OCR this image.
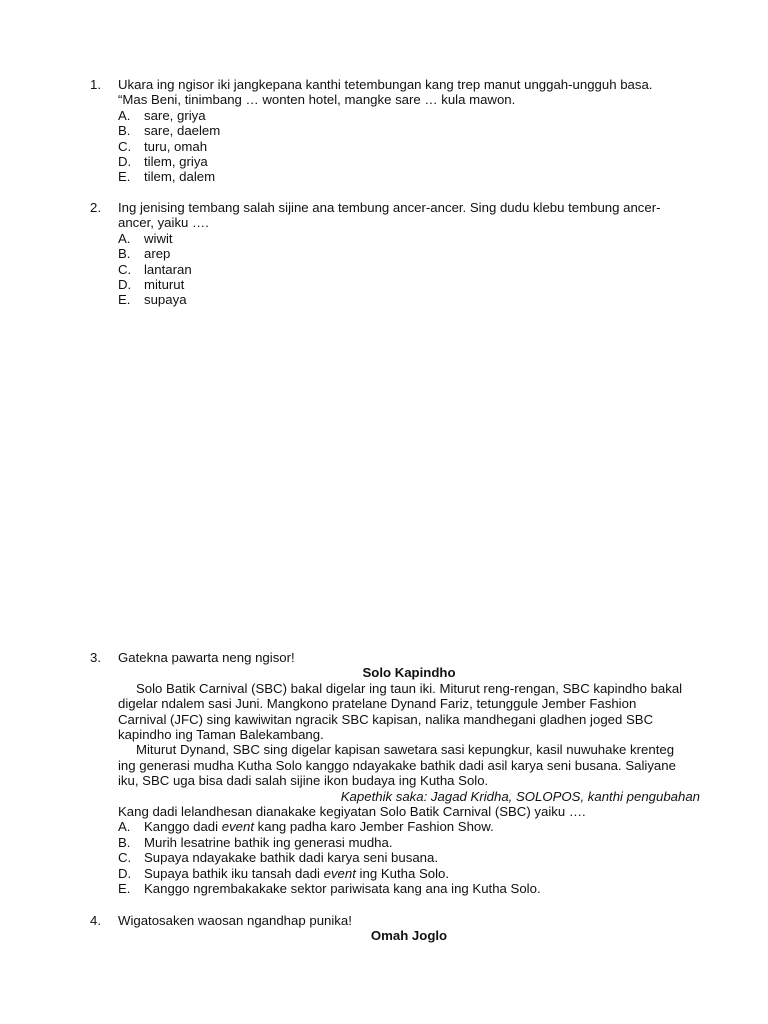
1.	Ukara ing ngisor iki jangkepana kanthi tetembungan kang trep manut unggah-ungguh basa.
“Mas Beni, tinimbang … wonten hotel, mangke sare … kula mawon.
A.	sare, griya
B.	sare, daelem
C. turu, omah
D. tilem, griya
E.	tilem, dalem
2.	Ing jenising tembang salah sijine ana tembung ancer-ancer. Sing dudu klebu tembung ancer-
ancer, yaiku ….
A.	wiwit
B.	arep
C. lantaran
D. miturut
E.	supaya
3.	Gatekna pawarta neng ngisor!
Solo Kapindho
Solo Batik Carnival (SBC) bakal digelar ing taun iki. Miturut reng-rengan, SBC kapindho bakal
digelar ndalem sasi Juni. Mangkono pratelane Dynand Fariz, tetunggule Jember Fashion
Carnival (JFC) sing kawiwitan ngracik SBC kapisan, nalika mandhegani gladhen joged SBC
kapindho ing Taman Balekambang.
Miturut Dynand, SBC sing digelar kapisan sawetara sasi kepungkur, kasil nuwuhake krenteg
ing generasi mudha Kutha Solo kanggo ndayakake bathik dadi asil karya seni busana. Saliyane
iku, SBC uga bisa dadi salah sijine ikon budaya ing Kutha Solo.
Kapethik saka: Jagad Kridha, SOLOPOS, kanthi pengubahan
Kang dadi lelandhesan dianakake kegiyatan Solo Batik Carnival (SBC) yaiku ….
A.	Kanggo dadi event kang padha karo Jember Fashion Show.
B.	Murih lesatrine bathik ing generasi mudha.
C. Supaya ndayakake bathik dadi karya seni busana.
D. Supaya bathik iku tansah dadi event ing Kutha Solo.
E.	Kanggo ngrembakakake sektor pariwisata kang ana ing Kutha Solo.
4.	Wigatosaken waosan ngandhap punika!
Omah Joglo
